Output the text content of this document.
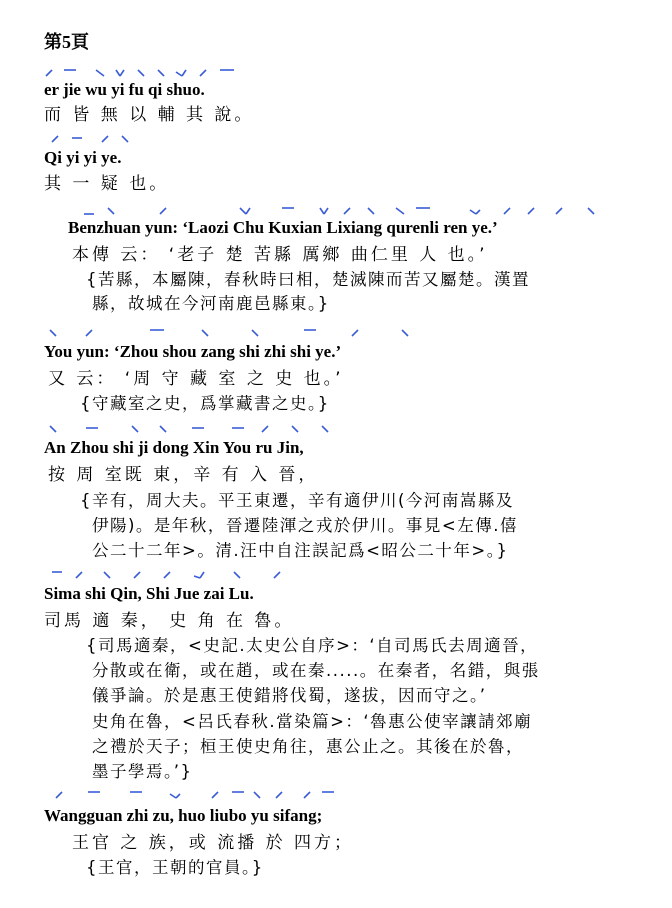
第5頁
er jie wu yi fu qi shuo.
而 皆 無 以 輔 其 說。
Qi yi yi ye.
其 一 疑 也。
Benzhuan yun: ‘Laozi Chu Kuxian Lixiang qurenli ren ye.’
本傳 云： ‘老子 楚 苦縣 厲鄉 曲仁里 人 也。’
{苦縣，本屬陳，春秋時曰相，楚滅陳而苦又屬楚。漢置
縣，故城在今河南鹿邑縣東。}
You yun: ‘Zhou shou zang shi zhi shi ye.’
又 云： ‘周 守 藏 室 之 史 也。’
{守藏室之史，爲掌藏書之史。}
An Zhou shi ji dong Xin You ru Jin,
按 周 室既 東，辛 有 入 晉，
{辛有，周大夫。平王東遷，辛有適伊川(今河南嵩縣及
伊陽)。是年秋，晉遷陸渾之戎於伊川。事見<左傳.僖
公二十二年>。清.汪中自注誤記爲<昭公二十年>。}
Sima shi Qin, Shi Jue zai Lu.
司馬 適 秦， 史 角 在 魯。
{司馬適秦，<史記.太史公自序>：‘自司馬氏去周適晉，
分散或在衛，或在趙，或在秦.....。在秦者，名錯，與張
儀爭論。於是惠王使錯將伐蜀，遂拔，因而守之。’
史角在魯，<呂氏春秋.當染篇>：‘魯惠公使宰讓請郊廟
之禮於天子；桓王使史角往，惠公止之。其後在於魯，
墨子學焉。’}
Wangguan zhi zu, huo liubo yu sifang;
王官 之 族，或 流播 於 四方；
{王官，王朝的官員。}
